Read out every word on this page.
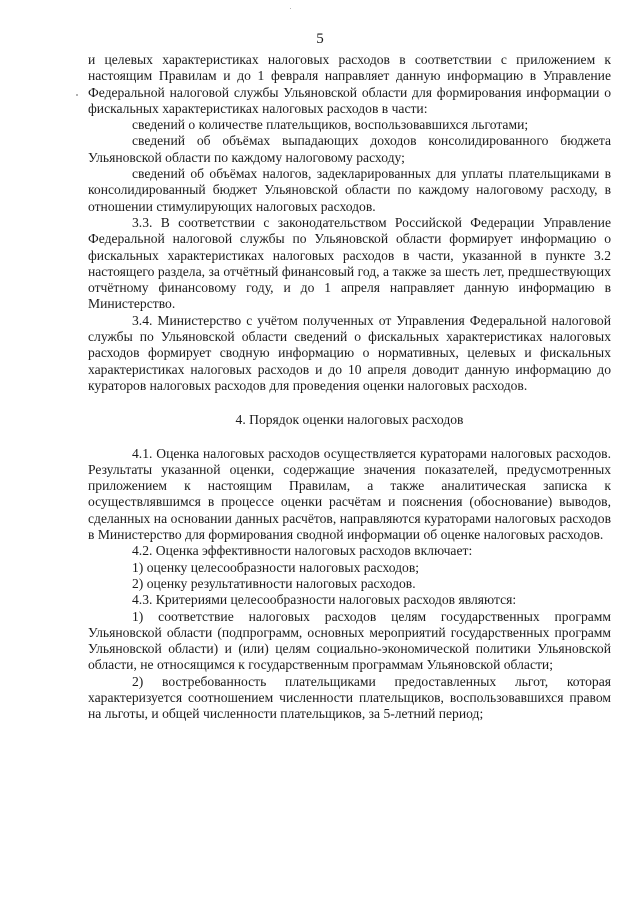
5

и целевых характеристиках налоговых расходов в соответствии с приложением к настоящим Правилам и до 1 февраля направляет данную информацию в Управление Федеральной налоговой службы Ульяновской области для формирования информации о фискальных характеристиках налоговых расходов в части:

сведений о количестве плательщиков, воспользовавшихся льготами;

сведений об объёмах выпадающих доходов консолидированного бюджета Ульяновской области по каждому налоговому расходу;

сведений об объёмах налогов, задекларированных для уплаты плательщиками в консолидированный бюджет Ульяновской области по каждому налоговому расходу, в отношении стимулирующих налоговых расходов.

3.3. В соответствии с законодательством Российской Федерации Управление Федеральной налоговой службы по Ульяновской области формирует информацию о фискальных характеристиках налоговых расходов в части, указанной в пункте 3.2 настоящего раздела, за отчётный финансовый год, а также за шесть лет, предшествующих отчётному финансовому году, и до 1 апреля направляет данную информацию в Министерство.

3.4. Министерство с учётом полученных от Управления Федеральной налоговой службы по Ульяновской области сведений о фискальных характеристиках налоговых расходов формирует сводную информацию о нормативных, целевых и фискальных характеристиках налоговых расходов и до 10 апреля доводит данную информацию до кураторов налоговых расходов для проведения оценки налоговых расходов.

4. Порядок оценки налоговых расходов

4.1. Оценка налоговых расходов осуществляется кураторами налоговых расходов. Результаты указанной оценки, содержащие значения показателей, предусмотренных приложением к настоящим Правилам, а также аналитическая записка к осуществлявшимся в процессе оценки расчётам и пояснения (обоснование) выводов, сделанных на основании данных расчётов, направляются кураторами налоговых расходов в Министерство для формирования сводной информации об оценке налоговых расходов.

4.2. Оценка эффективности налоговых расходов включает:

1) оценку целесообразности налоговых расходов;

2) оценку результативности налоговых расходов.

4.3. Критериями целесообразности налоговых расходов являются:

1) соответствие налоговых расходов целям государственных программ Ульяновской области (подпрограмм, основных мероприятий государственных программ Ульяновской области) и (или) целям социально-экономической политики Ульяновской области, не относящимся к государственным программам Ульяновской области;

2) востребованность плательщиками предоставленных льгот, которая характеризуется соотношением численности плательщиков, воспользовавшихся правом на льготы, и общей численности плательщиков, за 5-летний период;
